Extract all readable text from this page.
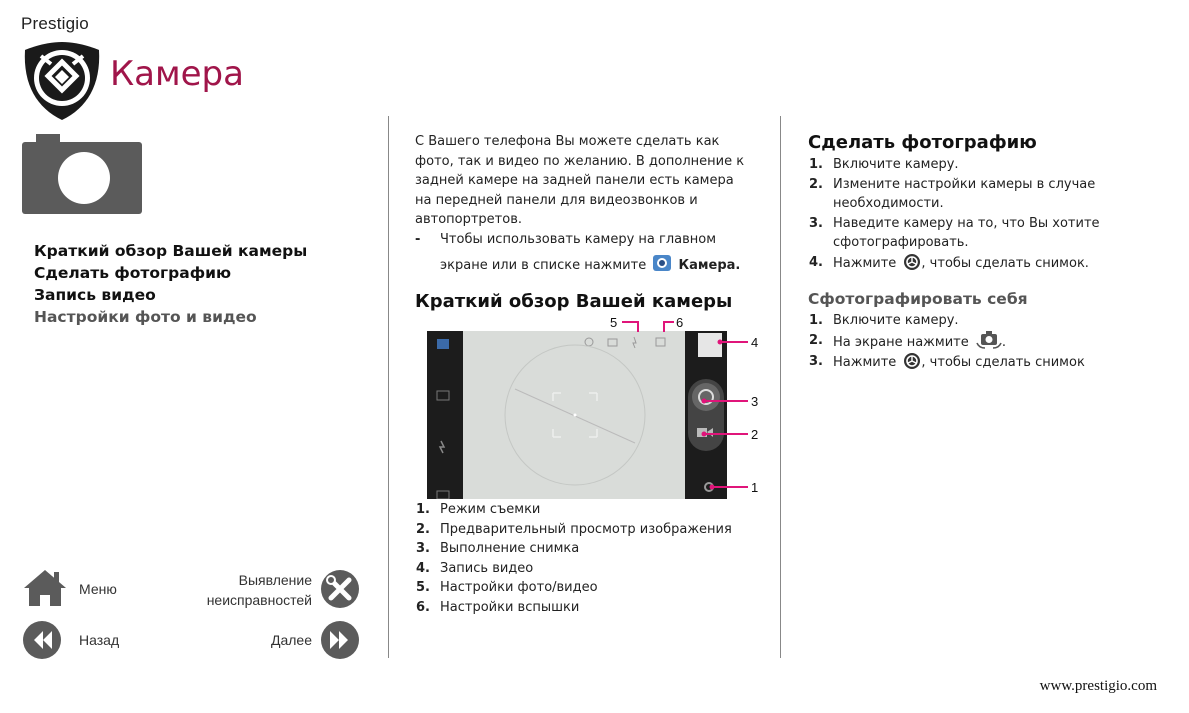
Prestigio
Камера
Краткий обзор Вашей камеры
Сделать фотографию
Запись видео
Настройки фото и видео
Меню
Выявление
неисправностей
Назад	Далее
С Вашего телефона Вы можете сделать как
фото, так и видео по желанию. В дополнение к
задней камере на задней панели есть камера
на передней панели для видеозвонков и
автопортретов.
- Чтобы использовать камеру на главном
экране или в списке нажмите Камера.
Краткий обзор Вашей камеры
5	6
4
3
2
1
1. Режим съемки
2. Предварительный просмотр изображения
3. Выполнение снимка
4. Запись видео
5. Настройки фото/видео
6. Настройки вспышки
Сделать фотографию
1. Включите камеру.
2. Измените настройки камеры в случае
необходимости.
3. Наведите камеру на то, что Вы хотите
сфотографировать.
4. Нажмите , чтобы сделать снимок.
Сфотографировать себя
1. Включите камеру.
2. На экране нажмите	.
3. Нажмите , чтобы сделать снимок
www.prestigio.com
